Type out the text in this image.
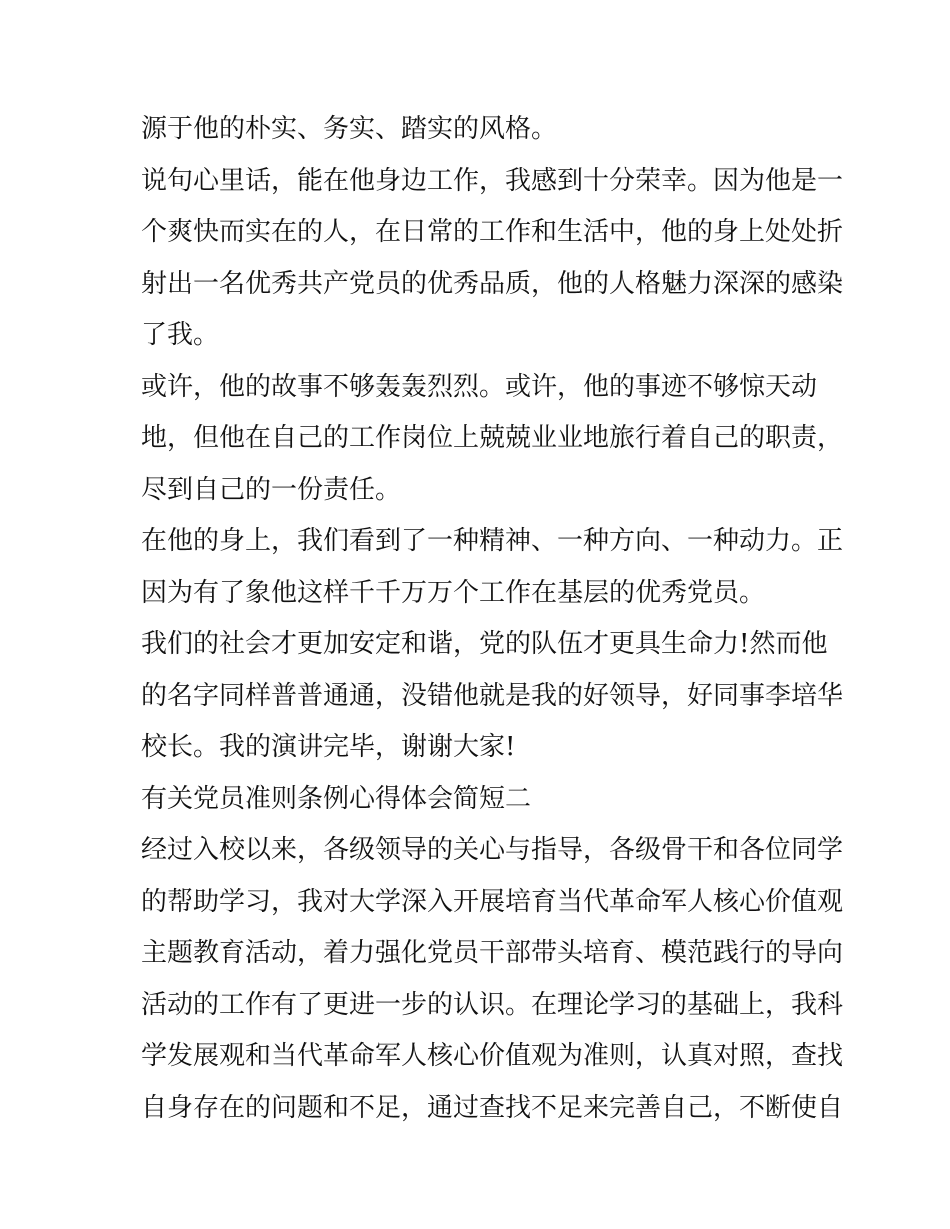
源于他的朴实、务实、踏实的风格。
说句心里话，能在他身边工作，我感到十分荣幸。因为他是一
个爽快而实在的人，在日常的工作和生活中，他的身上处处折
射出一名优秀共产党员的优秀品质，他的人格魅力深深的感染
了我。
或许，他的故事不够轰轰烈烈。或许，他的事迹不够惊天动
地，但他在自己的工作岗位上兢兢业业地旅行着自己的职责，
尽到自己的一份责任。
在他的身上，我们看到了一种精神、一种方向、一种动力。正
因为有了象他这样千千万万个工作在基层的优秀党员。
我们的社会才更加安定和谐，党的队伍才更具生命力!然而他
的名字同样普普通通，没错他就是我的好领导，好同事李培华
校长。我的演讲完毕，谢谢大家!
有关党员准则条例心得体会简短二
经过入校以来，各级领导的关心与指导，各级骨干和各位同学
的帮助学习，我对大学深入开展培育当代革命军人核心价值观
主题教育活动，着力强化党员干部带头培育、模范践行的导向
活动的工作有了更进一步的认识。在理论学习的基础上，我科
学发展观和当代革命军人核心价值观为准则，认真对照，查找
自身存在的问题和不足，通过查找不足来完善自己，不断使自
